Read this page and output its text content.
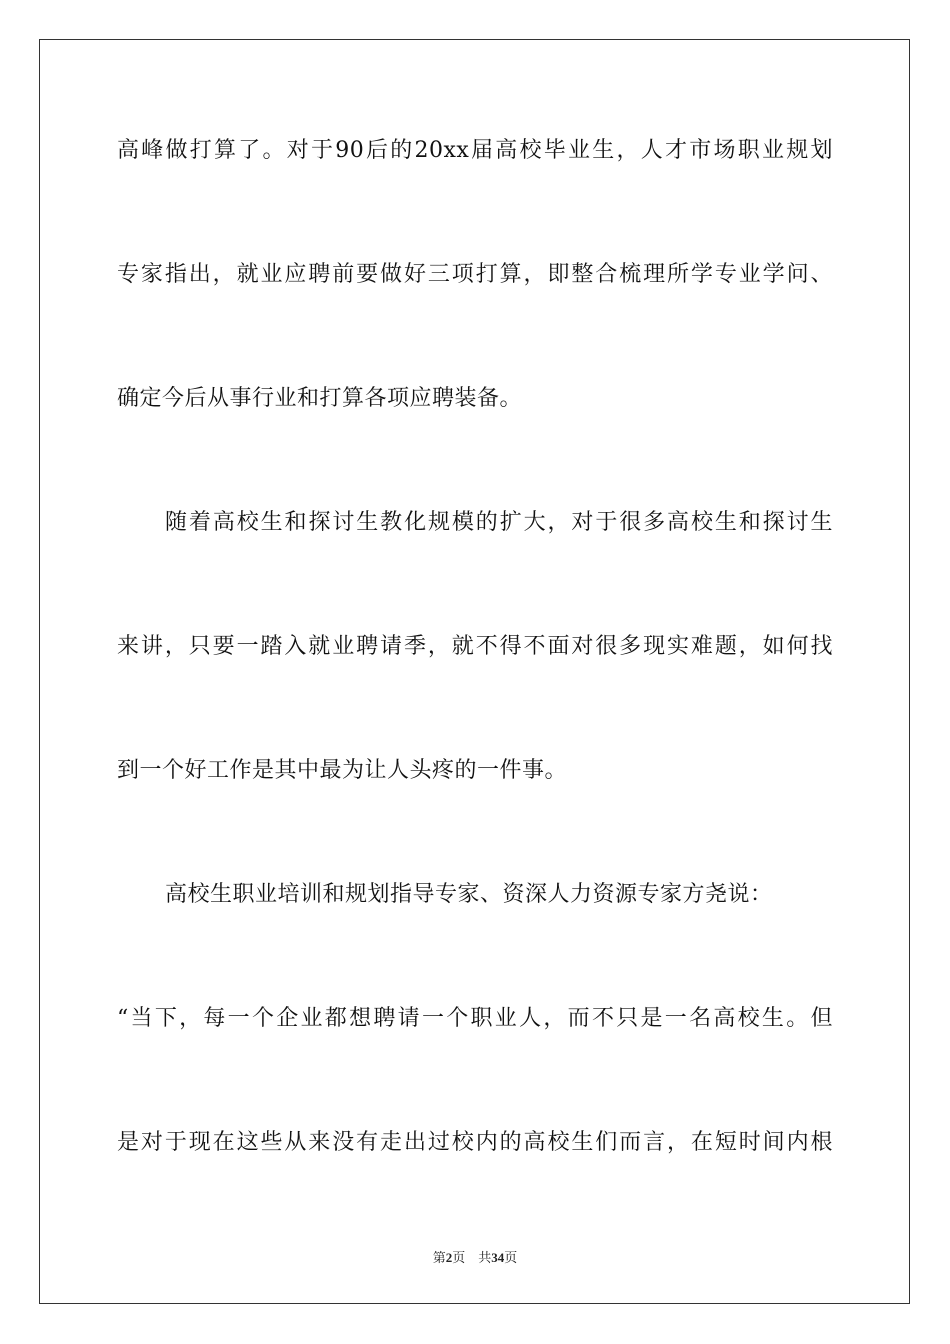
高峰做打算了。对于90后的20xx届高校毕业生，人才市场职业规划
专家指出，就业应聘前要做好三项打算，即整合梳理所学专业学问、
确定今后从事行业和打算各项应聘装备。
随着高校生和探讨生教化规模的扩大，对于很多高校生和探讨生
来讲，只要一踏入就业聘请季，就不得不面对很多现实难题，如何找
到一个好工作是其中最为让人头疼的一件事。
高校生职业培训和规划指导专家、资深人力资源专家方尧说：
“当下，每一个企业都想聘请一个职业人，而不只是一名高校生。但
是对于现在这些从来没有走出过校内的高校生们而言，在短时间内根
第2页 共34页
